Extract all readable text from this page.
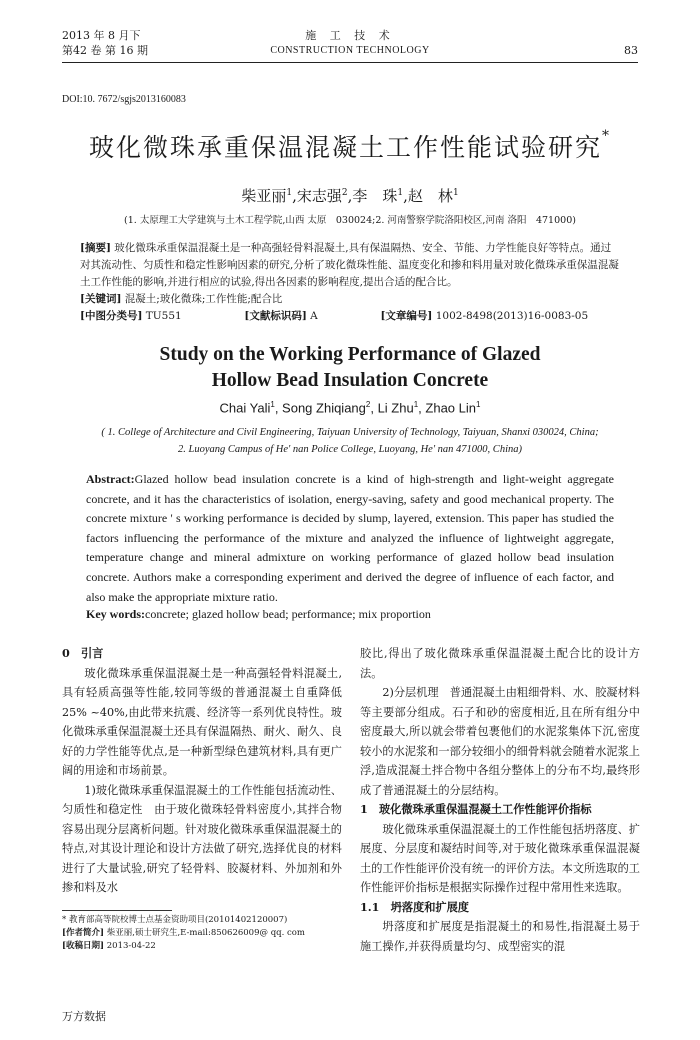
2013 年 8 月下
第42 卷 第 16 期
施 工 技 术
CONSTRUCTION TECHNOLOGY	83
DOI:10. 7672/sgjs2013160083
玻化微珠承重保温混凝土工作性能试验研究*
柴亚丽$^1$,宋志强$^2$,李　珠$^1$,赵　林$^1$
(1. 太原理工大学建筑与土木工程学院,山西 太原　030024;2. 河南警察学院洛阳校区,河南 洛阳　471000)
[摘要] 玻化微珠承重保温混凝土是一种高强轻骨料混凝土,具有保温隔热、安全、节能、力学性能良好等特点。通过对其流动性、匀质性和稳定性影响因素的研究,分析了玻化微珠性能、温度变化和掺和料用量对玻化微珠承重保温混凝土工作性能的影响,并进行相应的试验,得出各因素的影响程度,提出合适的配合比。
[关键词] 混凝土;玻化微珠;工作性能;配合比
[中图分类号] TU551	[文献标识码] A	[文章编号] 1002-8498(2013)16-0083-05
Study on the Working Performance of Glazed
Hollow Bead Insulation Concrete
Chai Yali$^1$, Song Zhiqiang$^2$, Li Zhu$^1$, Zhao Lin$^1$
( 1. College of Architecture and Civil Engineering, Taiyuan University of Technology, Taiyuan, Shanxi 030024, China;
2. Luoyang Campus of He' nan Police College, Luoyang, He' nan 471000, China)
Abstract:Glazed hollow bead insulation concrete is a kind of high-strength and light-weight aggregate concrete, and it has the characteristics of isolation, energy-saving, safety and good mechanical property. The concrete mixture ' s working performance is decided by slump, layered, extension. This paper has studied the factors influencing the performance of the mixture and analyzed the influence of lightweight aggregate, temperature change and mineral admixture on working performance of glazed hollow bead insulation concrete. Authors make a corresponding experiment and derived the degree of influence of each factor, and also make the appropriate mixture ratio.
Key words:concrete; glazed hollow bead; performance; mix proportion
0　引言

玻化微珠承重保温混凝土是一种高强轻骨料混凝土,具有轻质高强等性能,较同等级的普通混凝土自重降低 25% ~40%,由此带来抗震、经济等一系列优良特性。玻化微珠承重保温混凝土还具有保温隔热、耐火、耐久、良好的力学性能等优点,是一种新型绿色建筑材料,具有更广阔的用途和市场前景。

1)玻化微珠承重保温混凝土的工作性能包括流动性、匀质性和稳定性　由于玻化微珠轻骨料密度小,其拌合物容易出现分层离析问题。针对玻化微珠承重保温混凝土的特点,对其设计理论和设计方法做了研究,选择优良的材料进行了大量试验,研究了轻骨料、胶凝材料、外加剂和外掺和料及水

胶比,得出了玻化微珠承重保温混凝土配合比的设计方法。

2)分层机理　普通混凝土由粗细骨料、水、胶凝材料等主要部分组成。石子和砂的密度相近,且在所有组分中密度最大,所以就会带着包裹他们的水泥浆集体下沉,密度较小的水泥浆和一部分较细小的细骨料就会随着水泥浆上浮,造成混凝土拌合物中各组分整体上的分布不均,最终形成了普通混凝土的分层结构。

1　玻化微珠承重保温混凝土工作性能评价指标

玻化微珠承重保温混凝土的工作性能包括坍落度、扩展度、分层度和凝结时间等,对于玻化微珠承重保温混凝土的工作性能评价没有统一的评价方法。本文所选取的工作性能评价指标是根据实际操作过程中常用性来选取。

1.1　坍落度和扩展度

坍落度和扩展度是指混凝土的和易性,指混凝土易于施工操作,并获得质量均匀、成型密实的混

* 教育部高等院校博士点基金资助项目(20101402120007)
[作者简介] 柴亚丽,硕士研究生,E-mail:850626009@ qq. com
[收稿日期] 2013-04-22
万方数据
